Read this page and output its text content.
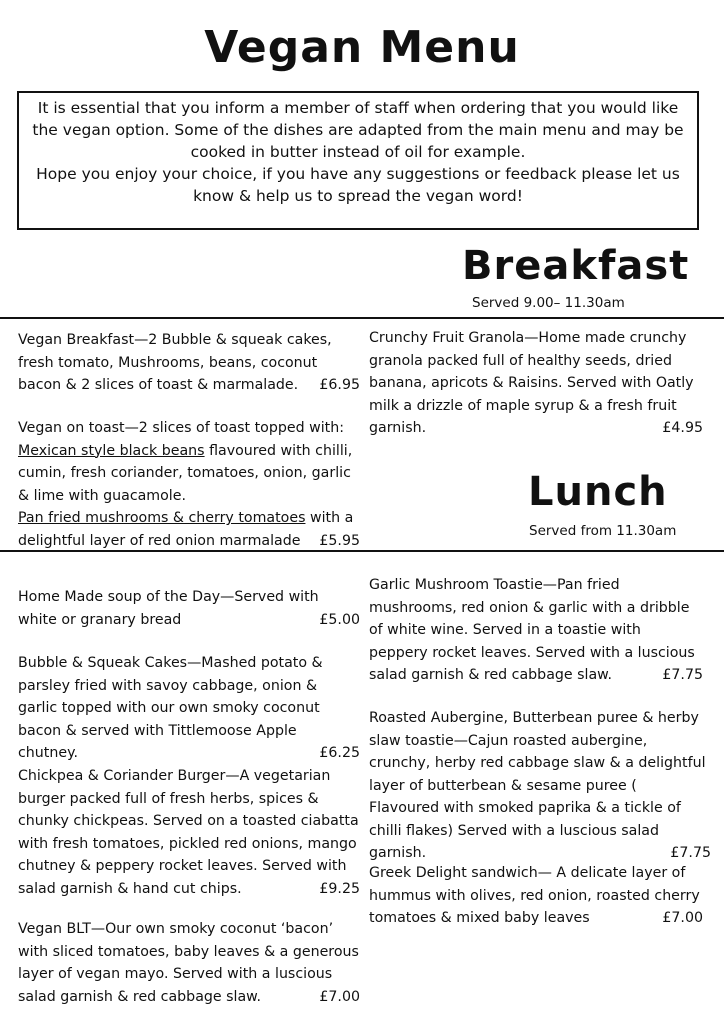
Vegan Menu
It is essential that you inform a member of staff when ordering that you would like
the vegan option. Some of the dishes are adapted from the main menu and may be
cooked in butter instead of oil for example.
Hope you enjoy your choice, if you have any suggestions or feedback please let us
know & help us to spread the vegan word!
Breakfast
Served 9.00– 11.30am
Vegan Breakfast—2 Bubble & squeak cakes, fresh tomato, Mushrooms, beans, coconut bacon & 2 slices of toast & marmalade. £6.95
Vegan on toast—2 slices of toast topped with:
Mexican style black beans flavoured with chilli, cumin, fresh coriander, tomatoes, onion, garlic & lime with guacamole.
Pan fried mushrooms & cherry tomatoes with a delightful layer of red onion marmalade £5.95
Crunchy Fruit Granola—Home made crunchy granola packed full of healthy seeds, dried banana, apricots & Raisins. Served with Oatly milk a drizzle of maple syrup & a fresh fruit garnish.	£4.95
Lunch
Served from 11.30am
Home Made soup of the Day—Served with white or granary bread	£5.00
Bubble & Squeak Cakes—Mashed potato & parsley fried with savoy cabbage, onion & garlic topped with our own smoky coconut bacon & served with Tittlemoose Apple chutney.	£6.25
Chickpea & Coriander Burger—A vegetarian burger packed full of fresh herbs, spices & chunky chickpeas. Served on a toasted ciabatta with fresh tomatoes, pickled red onions, mango chutney & peppery rocket leaves. Served with salad garnish & hand cut chips.	£9.25
Vegan BLT—Our own smoky coconut ‘bacon’ with sliced tomatoes, baby leaves & a generous layer of vegan mayo. Served with a luscious salad garnish & red cabbage slaw.	£7.00
Garlic Mushroom Toastie—Pan fried mushrooms, red onion & garlic with a dribble of white wine. Served in a toastie with peppery rocket leaves. Served with a luscious salad garnish & red cabbage slaw.	£7.75
Roasted Aubergine, Butterbean puree & herby slaw toastie—Cajun roasted aubergine, crunchy, herby red cabbage slaw & a delightful layer of butterbean & sesame puree ( Flavoured with smoked paprika & a tickle of chilli flakes) Served with a luscious salad garnish.	£7.75
Greek Delight sandwich— A delicate layer of hummus with olives, red onion, roasted cherry tomatoes & mixed baby leaves	£7.00
